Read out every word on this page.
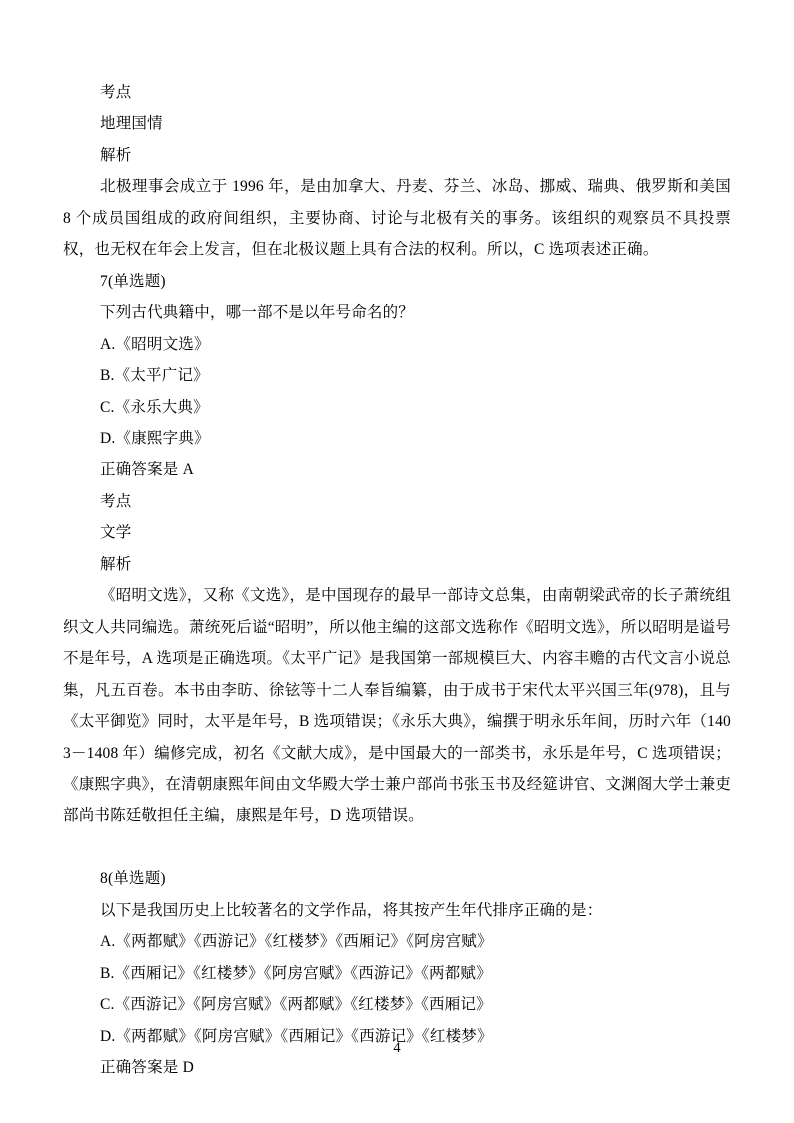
考点

地理国情

解析

北极理事会成立于 1996 年，是由加拿大、丹麦、芬兰、冰岛、挪威、瑞典、俄罗斯和美国 8 个成员国组成的政府间组织，主要协商、讨论与北极有关的事务。该组织的观察员不具投票权，也无权在年会上发言，但在北极议题上具有合法的权利。所以，C 选项表述正确。

7(单选题)

下列古代典籍中，哪一部不是以年号命名的？

A.《昭明文选》

B.《太平广记》

C.《永乐大典》

D.《康熙字典》

正确答案是 A

考点

文学

解析

《昭明文选》，又称《文选》，是中国现存的最早一部诗文总集，由南朝梁武帝的长子萧统组织文人共同编选。萧统死后谥“昭明”，所以他主编的这部文选称作《昭明文选》，所以昭明是谥号不是年号，A 选项是正确选项。《太平广记》是我国第一部规模巨大、内容丰赡的古代文言小说总集，凡五百卷。本书由李昉、徐铉等十二人奉旨编纂，由于成书于宋代太平兴国三年(978)，且与《太平御览》同时，太平是年号，B 选项错误；《永乐大典》，编撰于明永乐年间，历时六年（1403－1408 年）编修完成，初名《文献大成》，是中国最大的一部类书，永乐是年号，C 选项错误；《康熙字典》，在清朝康熙年间由文华殿大学士兼户部尚书张玉书及经筵讲官、文渊阁大学士兼吏部尚书陈廷敬担任主编，康熙是年号，D 选项错误。

8(单选题)

以下是我国历史上比较著名的文学作品，将其按产生年代排序正确的是：

A.《两都赋》《西游记》《红楼梦》《西厢记》《阿房宫赋》

B.《西厢记》《红楼梦》《阿房宫赋》《西游记》《两都赋》

C.《西游记》《阿房宫赋》《两都赋》《红楼梦》《西厢记》

D.《两都赋》《阿房宫赋》《西厢记》《西游记》《红楼梦》

正确答案是 D

4
